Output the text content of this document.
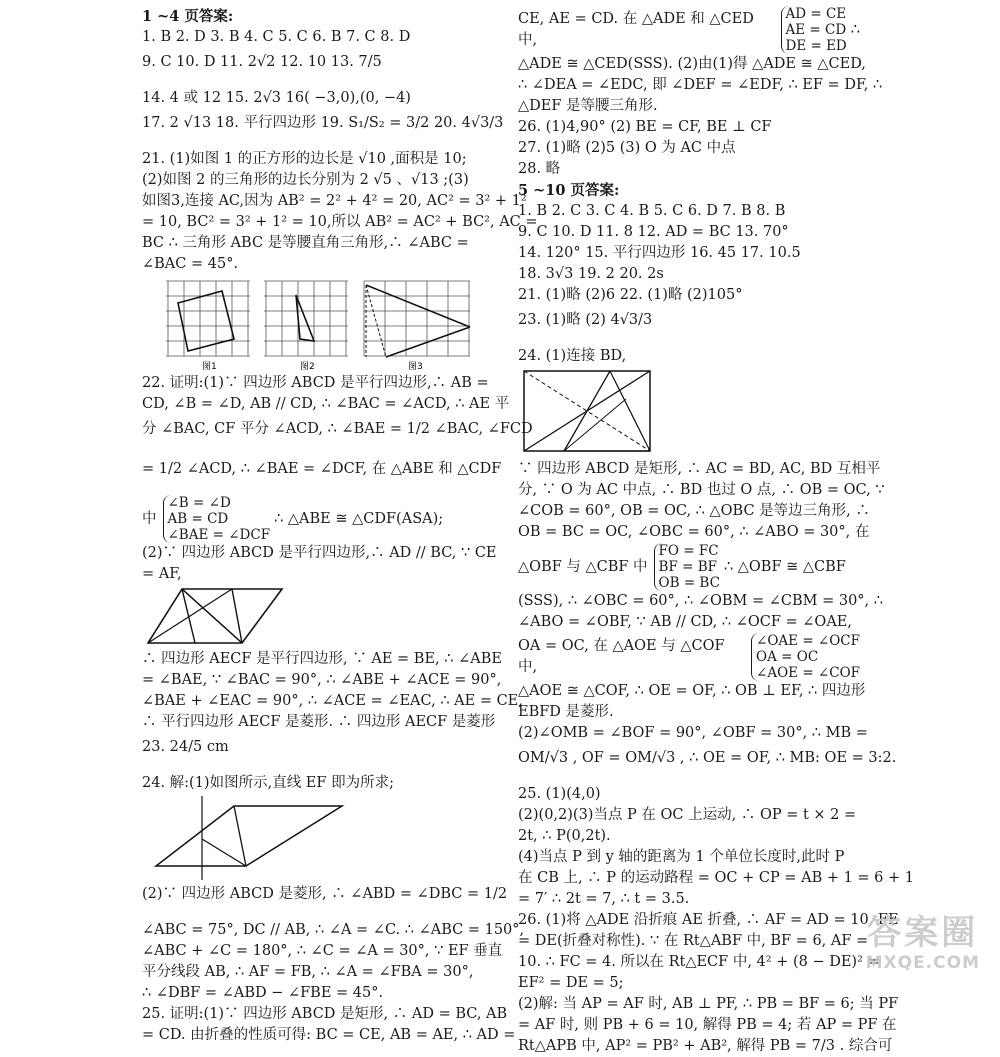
1 ~4 页答案:
1. B 2. D 3. B 4. C 5. C 6. B 7. C 8. D
9. C 10. D 11. 2√2 12. 10 13. 7/5
14. 4 或 12 15. 2√3 16( −3,0),(0, −4)
17. 2 √13 18. 平行四边形 19. S₁/S₂ = 3/2 20. 4√3/3
21. (1)如图 1 的正方形的边长是 √10 ,面积是 10;
(2)如图 2 的三角形的边长分别为 2 √5 、√13 ;(3)
如图3,连接 AC,因为 AB² = 2² + 4² = 20, AC² = 3² + 1²
= 10, BC² = 3² + 1² = 10,所以 AB² = AC² + BC², AC =
BC ∴ 三角形 ABC 是等腰直角三角形,∴ ∠ABC =
∠BAC = 45°.
图1	图2	图3
22. 证明:(1)∵ 四边形 ABCD 是平行四边形,∴ AB =
CD, ∠B = ∠D, AB // CD, ∴ ∠BAC = ∠ACD, ∴ AE 平
分 ∠BAC, CF 平分 ∠ACD, ∴ ∠BAE = 1/2 ∠BAC, ∠FCD
= 1/2 ∠ACD, ∴ ∠BAE = ∠DCF, 在 △ABE 和 △CDF
中
∠B = ∠D
AB = CD
∠BAE = ∠DCF
∴ △ABE ≅ △CDF(ASA);
(2)∵ 四边形 ABCD 是平行四边形,∴ AD // BC, ∵ CE
= AF,
∴ 四边形 AECF 是平行四边形, ∵ AE = BE, ∴ ∠ABE
= ∠BAE, ∵ ∠BAC = 90°, ∴ ∠ABE + ∠ACE = 90°,
∠BAE + ∠EAC = 90°, ∴ ∠ACE = ∠EAC, ∴ AE = CE,
∴ 平行四边形 AECF 是菱形. ∴ 四边形 AECF 是菱形
23. 24/5 cm
24. 解:(1)如图所示,直线 EF 即为所求;
(2)∵ 四边形 ABCD 是菱形, ∴ ∠ABD = ∠DBC = 1/2
∠ABC = 75°, DC // AB, ∴ ∠A = ∠C. ∴ ∠ABC = 150°,
∠ABC + ∠C = 180°, ∴ ∠C = ∠A = 30°, ∵ EF 垂直
平分线段 AB, ∴ AF = FB, ∴ ∠A = ∠FBA = 30°,
∴ ∠DBF = ∠ABD − ∠FBE = 45°.
25. 证明:(1)∵ 四边形 ABCD 是矩形, ∴ AD = BC, AB
= CD. 由折叠的性质可得: BC = CE, AB = AE, ∴ AD =
CE, AE = CD. 在 △ADE 和 △CED 中,
AD = CE
AE = CD
DE = ED
∴
△ADE ≅ △CED(SSS). (2)由(1)得 △ADE ≅ △CED,
∴ ∠DEA = ∠EDC, 即 ∠DEF = ∠EDF, ∴ EF = DF, ∴
△DEF 是等腰三角形.
26. (1)4,90° (2) BE = CF, BE ⊥ CF
27. (1)略 (2)5 (3) O 为 AC 中点
28. 略
5 ~10 页答案:
1. B 2. C 3. C 4. B 5. C 6. D 7. B 8. B
9. C 10. D 11. 8 12. AD = BC 13. 70°
14. 120° 15. 平行四边形 16. 45 17. 10.5
18. 3√3 19. 2 20. 2s
21. (1)略 (2)6 22. (1)略 (2)105°
23. (1)略 (2) 4√3/3
24. (1)连接 BD,
∵ 四边形 ABCD 是矩形, ∴ AC = BD, AC, BD 互相平
分, ∵ O 为 AC 中点, ∴ BD 也过 O 点, ∴ OB = OC, ∵
∠COB = 60°, OB = OC, ∴ △OBC 是等边三角形, ∴
OB = BC = OC, ∠OBC = 60°, ∴ ∠ABO = 30°, 在
△OBF 与 △CBF 中
FO = FC
BF = BF
OB = BC
∴ △OBF ≅ △CBF
(SSS), ∴ ∠OBC = 60°, ∴ ∠OBM = ∠CBM = 30°, ∴
∠ABO = ∠OBF, ∵ AB // CD, ∴ ∠OCF = ∠OAE,
OA = OC, 在 △AOE 与 △COF 中,
∠OAE = ∠OCF
OA = OC
∠AOE = ∠COF
△AOE ≅ △COF, ∴ OE = OF, ∴ OB ⊥ EF, ∴ 四边形
EBFD 是菱形.
(2)∠OMB = ∠BOF = 90°, ∠OBF = 30°, ∴ MB =
OM/√3 , OF = OM/√3 , ∴ OE = OF, ∴ MB: OE = 3:2.
25. (1)(4,0)
(2)(0,2)(3)当点 P 在 OC 上运动, ∴ OP = t × 2 =
2t, ∴ P(0,2t).
(4)当点 P 到 y 轴的距离为 1 个单位长度时,此时 P
在 CB 上, ∴ P 的运动路程 = OC + CP = AB + 1 = 6 + 1
= 7′ ∴ 2t = 7, ∴ t = 3.5.
26. (1)将 △ADE 沿折痕 AE 折叠, ∴ AF = AD = 10, FE
= DE(折叠对称性). ∵ 在 Rt△ABF 中, BF = 6, AF =
10. ∴ FC = 4. 所以在 Rt△ECF 中, 4² + (8 − DE)² =
EF² = DE = 5;
(2)解: 当 AP = AF 时, AB ⊥ PF, ∴ PB = BF = 6; 当 PF
= AF 时, 则 PB + 6 = 10, 解得 PB = 4; 若 AP = PF 在
Rt△APB 中, AP² = PB² + AB², 解得 PB = 7/3 . 综合可
答案圈
MXQE.COM
